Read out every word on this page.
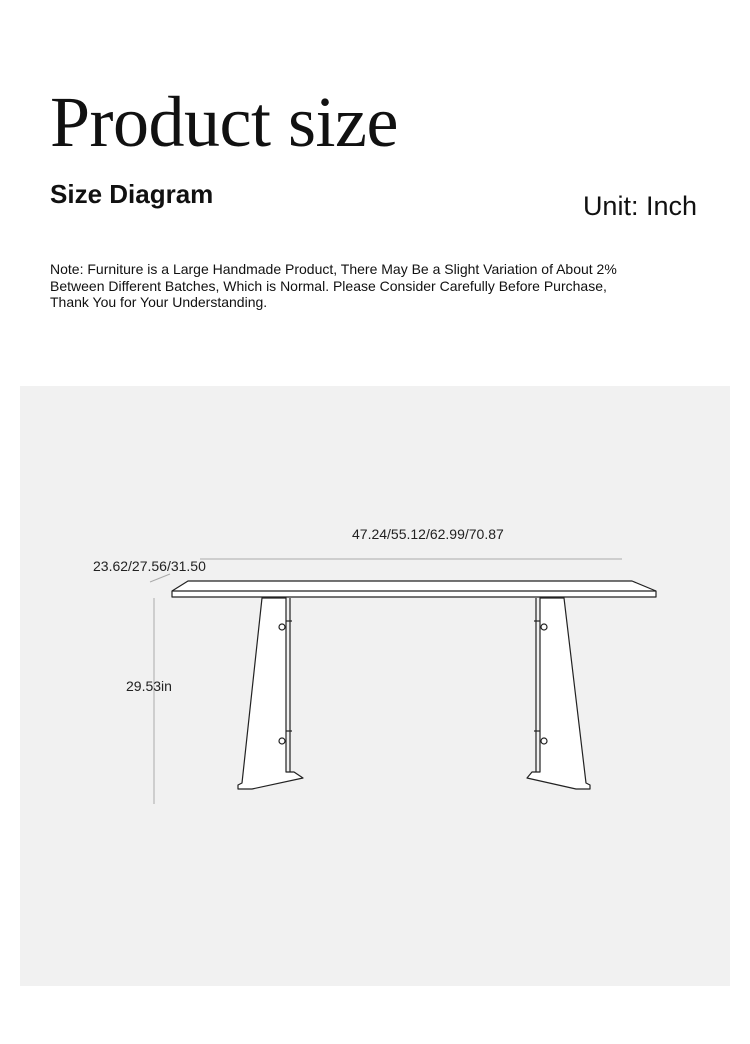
Product size
Size Diagram	Unit: Inch

Note: Furniture is a Large Handmade Product, There May Be a Slight Variation of About 2% Between Different Batches, Which is Normal. Please Consider Carefully Before Purchase, Thank You for Your Understanding.

47.24/55.12/62.99/70.87
23.62/27.56/31.50
29.53in
